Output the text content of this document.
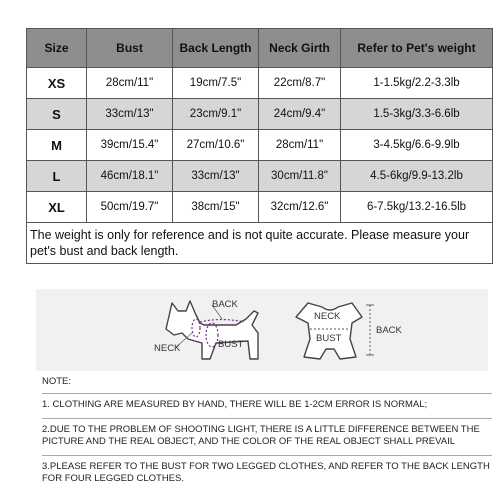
Size	Bust	Back Length	Neck Girth	Refer to Pet's weight
XS	28cm/11"	19cm/7.5"	22cm/8.7"	1-1.5kg/2.2-3.3lb
S	33cm/13"	23cm/9.1"	24cm/9.4"	1.5-3kg/3.3-6.6lb
M	39cm/15.4"	27cm/10.6"	28cm/11"	3-4.5kg/6.6-9.9lb
L	46cm/18.1"	33cm/13"	30cm/11.8"	4.5-6kg/9.9-13.2lb
XL	50cm/19.7"	38cm/15"	32cm/12.6"	6-7.5kg/13.2-16.5lb
The weight is only for reference and is not quite accurate. Please measure your pet's bust and back length.				
BACK
NECK	BUST
NECK
BACK
BUST

NOTE:

1. CLOTHING ARE MEASURED BY HAND, THERE WILL BE 1-2CM ERROR IS NORMAL;

2.DUE TO THE PROBLEM OF SHOOTING LIGHT, THERE IS A LITTLE DIFFERENCE BETWEEN THE PICTURE AND THE REAL OBJECT, AND THE COLOR OF THE REAL OBJECT SHALL PREVAIL

3.PLEASE REFER TO THE BUST FOR TWO LEGGED CLOTHES, AND REFER TO THE BACK LENGTH FOR FOUR LEGGED CLOTHES.
